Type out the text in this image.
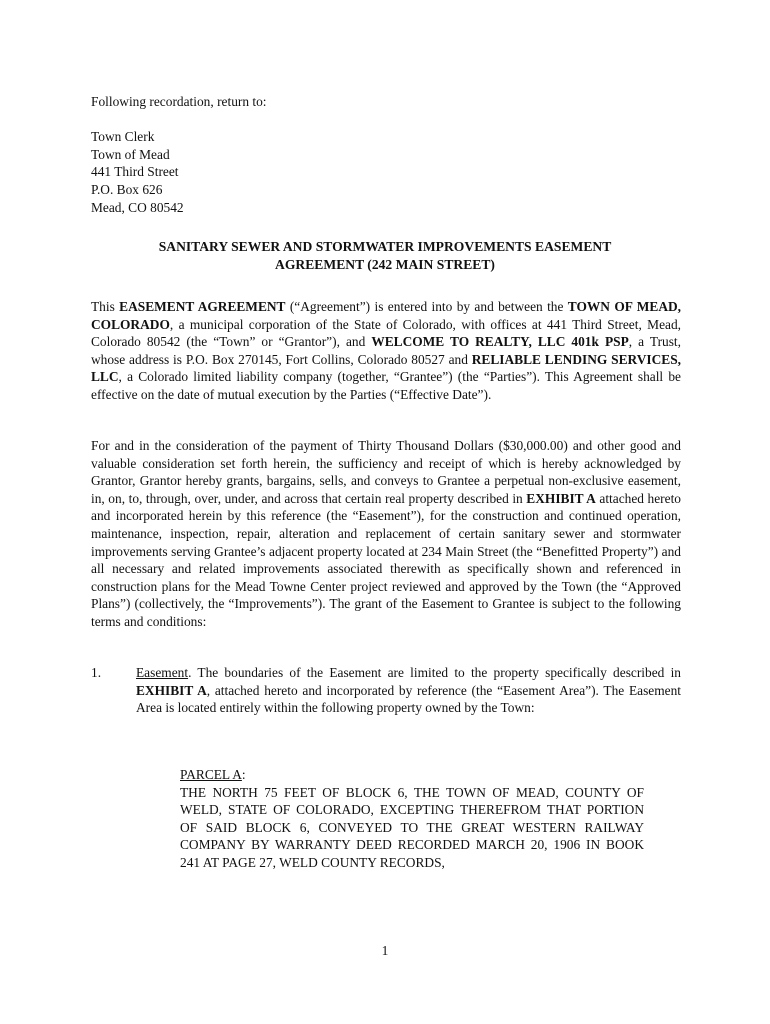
Following recordation, return to:
Town Clerk
Town of Mead
441 Third Street
P.O. Box 626
Mead, CO 80542
SANITARY SEWER AND STORMWATER IMPROVEMENTS EASEMENT
AGREEMENT (242 MAIN STREET)

This EASEMENT AGREEMENT (“Agreement”) is entered into by and between the TOWN OF MEAD, COLORADO, a municipal corporation of the State of Colorado, with offices at 441 Third Street, Mead, Colorado 80542 (the “Town” or “Grantor”), and WELCOME TO REALTY, LLC 401k PSP, a Trust, whose address is P.O. Box 270145, Fort Collins, Colorado 80527 and RELIABLE LENDING SERVICES, LLC, a Colorado limited liability company (together, “Grantee”) (the “Parties”). This Agreement shall be effective on the date of mutual execution by the Parties (“Effective Date”).

For and in the consideration of the payment of Thirty Thousand Dollars ($30,000.00) and other good and valuable consideration set forth herein, the sufficiency and receipt of which is hereby acknowledged by Grantor, Grantor hereby grants, bargains, sells, and conveys to Grantee a perpetual non-exclusive easement, in, on, to, through, over, under, and across that certain real property described in EXHIBIT A attached hereto and incorporated herein by this reference (the “Easement”), for the construction and continued operation, maintenance, inspection, repair, alteration and replacement of certain sanitary sewer and stormwater improvements serving Grantee’s adjacent property located at 234 Main Street (the “Benefitted Property”) and all necessary and related improvements associated therewith as specifically shown and referenced in construction plans for the Mead Towne Center project reviewed and approved by the Town (the “Approved Plans”) (collectively, the “Improvements”). The grant of the Easement to Grantee is subject to the following terms and conditions:

1.	Easement. The boundaries of the Easement are limited to the property specifically described in EXHIBIT A, attached hereto and incorporated by reference (the “Easement Area”). The Easement Area is located entirely within the following property owned by the Town:
PARCEL A:
THE NORTH 75 FEET OF BLOCK 6, THE TOWN OF MEAD, COUNTY OF WELD, STATE OF COLORADO, EXCEPTING THEREFROM THAT PORTION OF SAID BLOCK 6, CONVEYED TO THE GREAT WESTERN RAILWAY COMPANY BY WARRANTY DEED RECORDED MARCH 20, 1906 IN BOOK 241 AT PAGE 27, WELD COUNTY RECORDS,
1
